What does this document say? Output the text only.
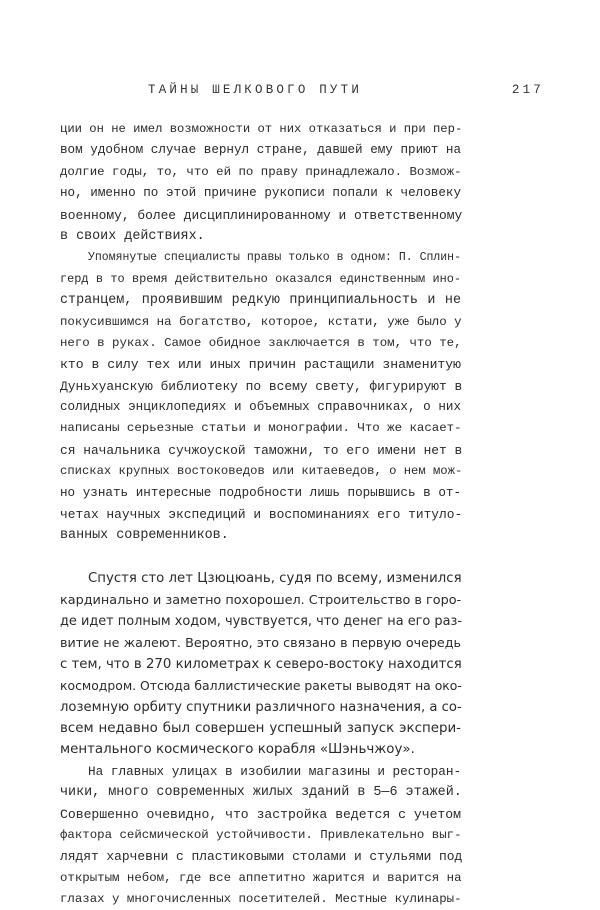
ТАЙНЫ ШЕЛКОВОГО ПУТИ	217
ции он не имел возможности от них отказаться и при пер-
вом удобном случае вернул стране, давшей ему приют на
долгие годы, то, что ей по праву принадлежало. Возмож-
но, именно по этой причине рукописи попали к человеку
военному, более дисциплинированному и ответственному
в своих действиях.
Упомянутые специалисты правы только в одном: П. Сплин-
герд в то время действительно оказался единственным ино-
странцем, проявившим редкую принципиальность и не
покусившимся на богатство, которое, кстати, уже было у
него в руках. Самое обидное заключается в том, что те,
кто в силу тех или иных причин растащили знаменитую
Дуньхуанскую библиотеку по всему свету, фигурируют в
солидных энциклопедиях и объемных справочниках, о них
написаны серьезные статьи и монографии. Что же касает-
ся начальника сучжоуской таможни, то его имени нет в
списках крупных востоковедов или китаеведов, о нем мож-
но узнать интересные подробности лишь порывшись в от-
четах научных экспедиций и воспоминаниях его титуло-
ванных современников.
Спустя сто лет Цзюцюань, судя по всему, изменился
кардинально и заметно похорошел. Строительство в горо-
де идет полным ходом, чувствуется, что денег на его раз-
витие не жалеют. Вероятно, это связано в первую очередь
с тем, что в 270 километрах к северо-востоку находится
космодром. Отсюда баллистические ракеты выводят на око-
лоземную орбиту спутники различного назначения, а со-
всем недавно был совершен успешный запуск экспери-
ментального космического корабля «Шэньчжоу».
На главных улицах в изобилии магазины и ресторан-
чики, много современных жилых зданий в 5—6 этажей.
Совершенно очевидно, что застройка ведется с учетом
фактора сейсмической устойчивости. Привлекательно выг-
лядят харчевни с пластиковыми столами и стульями под
открытым небом, где все аппетитно жарится и варится на
глазах у многочисленных посетителей. Местные кулинары-
